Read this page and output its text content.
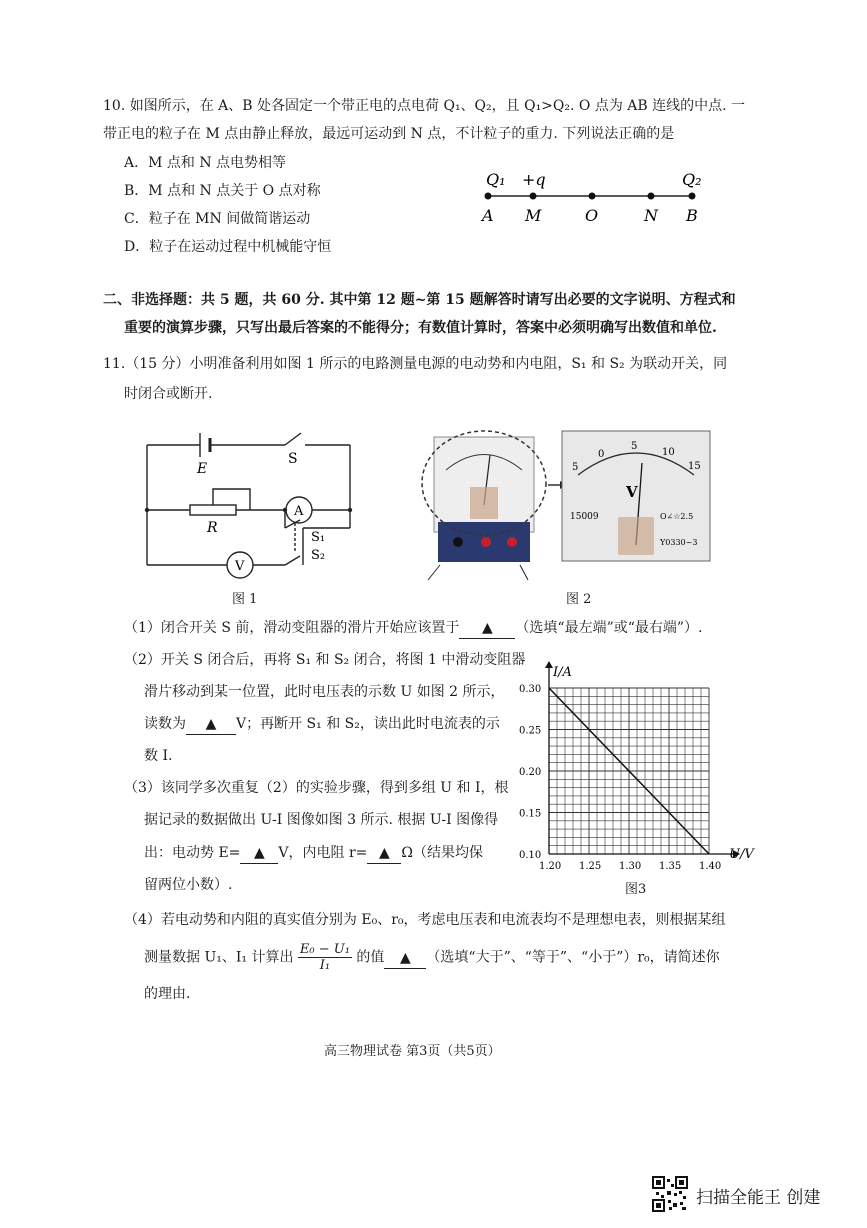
10. 如图所示，在 A、B 处各固定一个带正电的点电荷 Q₁、Q₂，且 Q₁>Q₂. O 点为 AB 连线的中点. 一
带正电的粒子在 M 点由静止释放，最远可运动到 N 点，不计粒子的重力. 下列说法正确的是
A．M 点和 N 点电势相等
B．M 点和 N 点关于 O 点对称
C．粒子在 MN 间做简谐运动
D．粒子在运动过程中机械能守恒
Q₁ +q	Q₂
A M	O	N B
二、非选择题：共 5 题，共 60 分. 其中第 12 题~第 15 题解答时请写出必要的文字说明、方程式和
重要的演算步骤，只写出最后答案的不能得分；有数值计算时，答案中必须明确写出数值和单位.
11.（15 分）小明准备利用如图 1 所示的电路测量电源的电动势和内电阻，S₁ 和 S₂ 为联动开关，同
时闭合或断开.
E
S
R
A
V
S₁
S₂
图 1
5
0
5
10
15
V
15009	O∠☆2.5
Y0330~3
图 2
（1）闭合开关 S 前，滑动变阻器的滑片开始应该置于 ▲ （选填“最左端”或“最右端”）.
（2）开关 S 闭合后，再将 S₁ 和 S₂ 闭合，将图 1 中滑动变阻器
滑片移动到某一位置，此时电压表的示数 U 如图 2 所示，
读数为 ▲ V；再断开 S₁ 和 S₂，读出此时电流表的示
数 I.
（3）该同学多次重复（2）的实验步骤，得到多组 U 和 I，根
据记录的数据做出 U-I 图像如图 3 所示. 根据 U-I 图像得
出：电动势 E= ▲ V，内电阻 r= ▲ Ω（结果均保
留两位小数）.
1.20 1.25 1.30 1.35 1.40
0.10
0.15
0.20
0.25
0.30
U/V
I/A
图3
（4）若电动势和内阻的真实值分别为 E₀、r₀，考虑电压表和电流表均不是理想电表，则根据某组
测量数据 U₁、I₁ 计算出 $\frac{\text{E₀ − U₁}}{\text{I₁}}$ 的值 ▲ （选填“大于”、“等于”、“小于”）r₀，请简述你
的理由.
高三物理试卷 第3页（共5页）
扫描全能王 创建
